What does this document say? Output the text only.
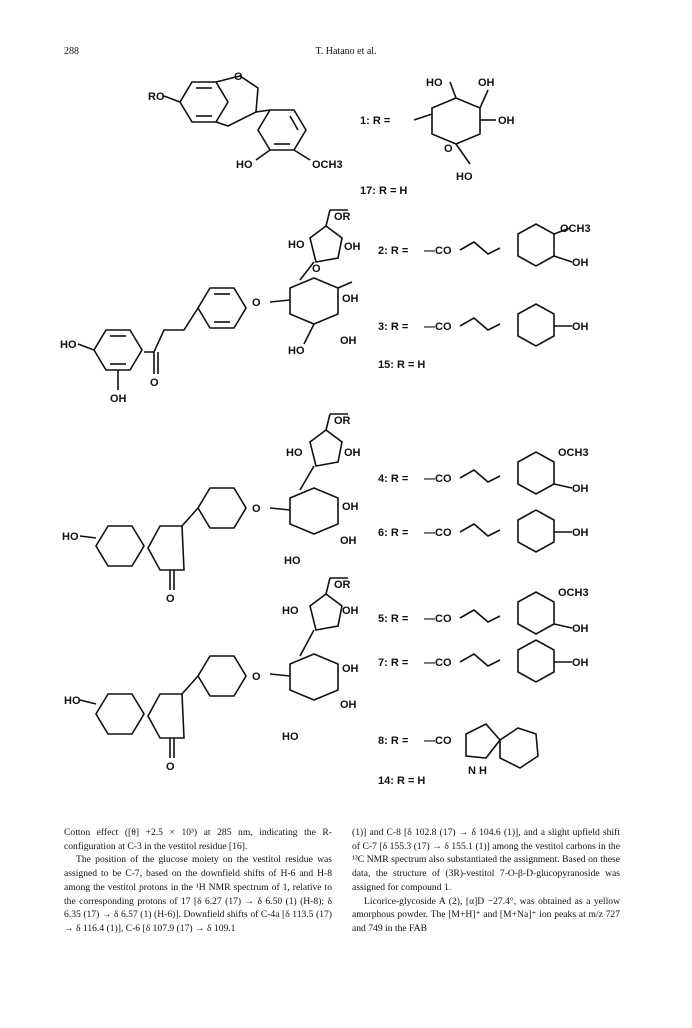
288	T. Hatano et al.
RO
O
HO	OCH3
HO	OH
OH
O
HO
1: R =
17: R = H
OR
HO	OH
O
OH
OH
O
HO
HO
OH
O
2: R =
3: R =
15: R = H
—CO
—CO
OCH3
OH
OH
OR
HO	OH
OH
OH
O
HO
HO
O
4: R =
6: R =
—CO
—CO
OCH3
OH
OH
OR
HO	OH
OH
OH
O
HO
HO
O
5: R =
7: R =
8: R =
14: R = H
—CO
—CO
—CO
OCH3
OH
OH
N H

Cotton effect ([θ] +2.5 × 10³) at 285 nm, indicating the R-configuration at C-3 in the vestitol residue [16].

The position of the glucose moiety on the vestitol residue was assigned to be C-7, based on the downfield shifts of H-6 and H-8 among the vestitol protons in the ¹H NMR spectrum of 1, relative to the corresponding protons of 17 [δ 6.27 (17) → δ 6.50 (1) (H-8); δ 6.35 (17) → δ 6.57 (1) (H-6)]. Downfield shifts of C-4a [δ 113.5 (17) → δ 116.4 (1)], C-6 [δ 107.9 (17) → δ 109.1

(1)] and C-8 [δ 102.8 (17) → δ 104.6 (1)], and a slight upfield shift of C-7 [δ 155.3 (17) → δ 155.1 (1)] among the vestitol carbons in the ¹³C NMR spectrum also substantiated the assignment. Based on these data, the structure of (3R)-vestitol 7-O-β-D-glucopyranoside was assigned for compound 1.

Licorice-glycoside A (2), [α]D −27.4°, was obtained as a yellow amorphous powder. The [M+H]⁺ and [M+Na]⁺ ion peaks at m/z 727 and 749 in the FAB
